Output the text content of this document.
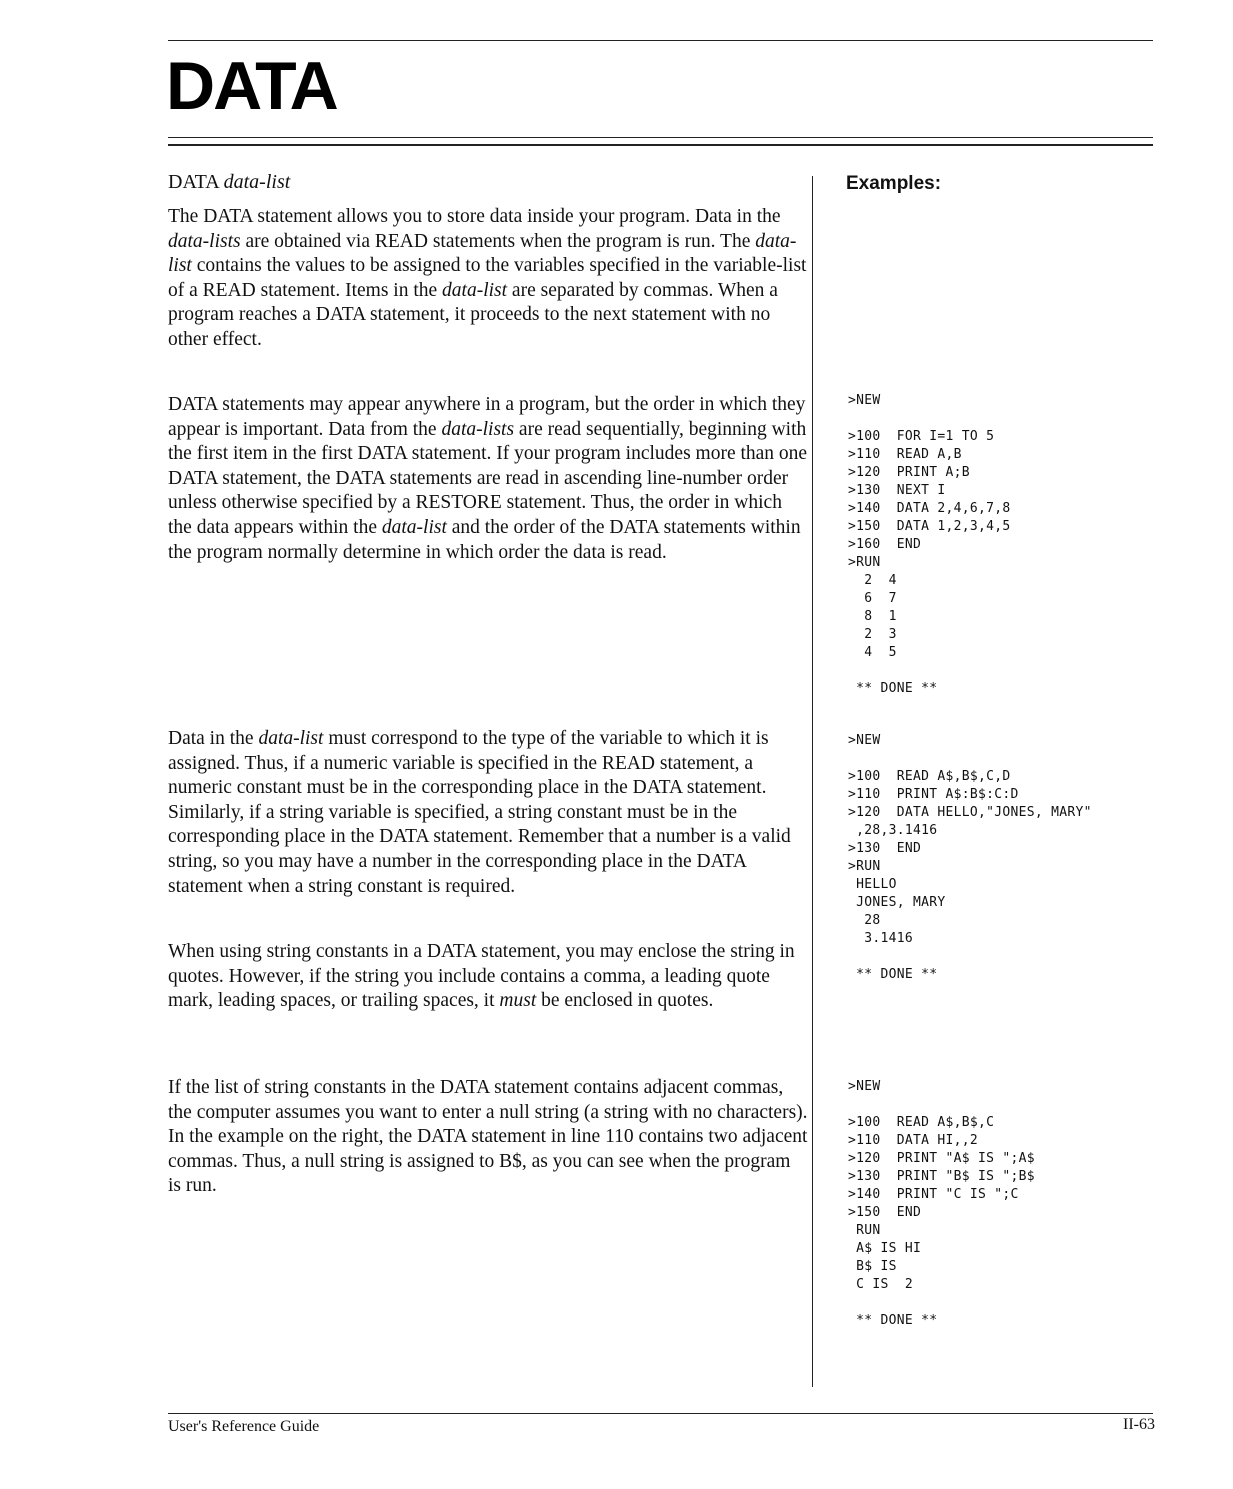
DATA

DATA data-list

The DATA statement allows you to store data inside your program. Data in the data-lists are obtained via READ statements when the program is run. The data-list contains the values to be assigned to the variables specified in the variable-list of a READ statement. Items in the data-list are separated by commas. When a program reaches a DATA statement, it proceeds to the next statement with no other effect.

DATA statements may appear anywhere in a program, but the order in which they appear is important. Data from the data-lists are read sequentially, beginning with the first item in the first DATA statement. If your program includes more than one DATA statement, the DATA statements are read in ascending line-number order unless otherwise specified by a RESTORE statement. Thus, the order in which the data appears within the data-list and the order of the DATA statements within the program normally determine in which order the data is read.

Data in the data-list must correspond to the type of the variable to which it is assigned. Thus, if a numeric variable is specified in the READ statement, a numeric constant must be in the corresponding place in the DATA statement. Similarly, if a string variable is specified, a string constant must be in the corresponding place in the DATA statement. Remember that a number is a valid string, so you may have a number in the corresponding place in the DATA statement when a string constant is required.

When using string constants in a DATA statement, you may enclose the string in quotes. However, if the string you include contains a comma, a leading quote mark, leading spaces, or trailing spaces, it must be enclosed in quotes.

If the list of string constants in the DATA statement contains adjacent commas, the computer assumes you want to enter a null string (a string with no characters). In the example on the right, the DATA statement in line 110 contains two adjacent commas. Thus, a null string is assigned to B$, as you can see when the program is run.

Examples:

>NEW

>100  FOR I=1 TO 5
>110  READ A,B
>120  PRINT A;B
>130  NEXT I
>140  DATA 2,4,6,7,8
>150  DATA 1,2,3,4,5
>160  END
>RUN
2  4
6  7
8  1
2  3
4  5

** DONE **
>NEW

>100  READ A$,B$,C,D
>110  PRINT A$:B$:C:D
>120  DATA HELLO,"JONES, MARY"
,28,3.1416
>130  END
>RUN
HELLO
JONES, MARY
28
3.1416

** DONE **
>NEW

>100  READ A$,B$,C
>110  DATA HI,,2
>120  PRINT "A$ IS ";A$
>130  PRINT "B$ IS ";B$
>140  PRINT "C IS ";C
>150  END
RUN
A$ IS HI
B$ IS
C IS  2

** DONE **

User's Reference Guide	II-63
